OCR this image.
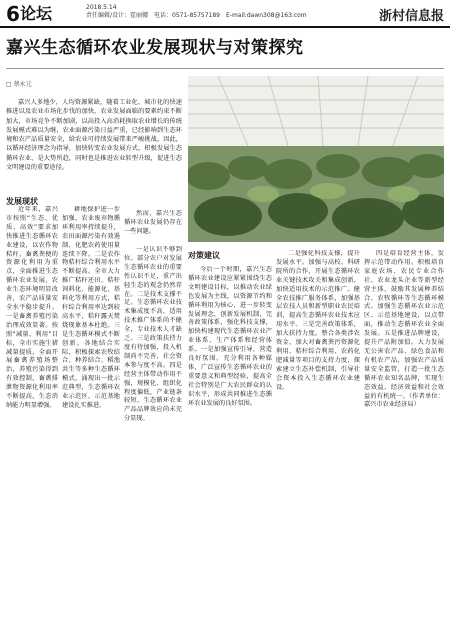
6 论坛	2018.5.14
责任编辑/设计：霍丽娜　电话：0571-85757189　E-mail:dawn308@163.com	浙村信息报
嘉兴生态循环农业发展现状与对策探究
□ 蔡永元
嘉兴人多地少，人均资源紧缺，随着工业化、城市化的快速推进以及农业市场化步伐的加快，农业发展面临的要素约束不断加大，市场竞争不断加剧，以高投入高消耗换取农业增长的传统发展模式难以为继，农业面源污染日益严重，已经影响到生态环境和农产品质量安全，给农业可持续发展带来严峻挑战。因此，以循环经济理念为指导，加快转变农业发展方式，积极发展生态循环农业，是大势所趋，同时也是推进农业转型升级，促进生态文明建设的重要途径。
发展现状
近年来，嘉兴市按照“生态、优质、高效”要求加快推进生态循环农业建设，以农作物秸秆、畜禽粪便的资源化利用为重点，全面推进生态循环农业发展，农业生态环境明显改善，农产品质量安全水平稳步提升。一是畜禽养殖污染治理成效显著。按照“减量、利用”目标，全市实施生猪减量提质，全面开展畜禽养殖场整治，养殖污染得到有效控制，畜禽排泄物资源化利用率不断提高，生态消纳能力明显增强。
耕地保护进一步加强，农业废弃物循环利用率持续提升，农田面源污染有效遏制，化肥农药使用量连续下降。二是农作物秸秆综合利用水平不断提高。全市大力推广秸秆还田、秸秆饲料化、能源化、基料化等利用方式，秸秆综合利用率达到较高水平，秸秆露天焚烧现象基本杜绝。三是生态循环模式不断创新。各地结合实际，积极探索农牧结合、种养结合、稻渔共生等多种生态循环模式，涌现出一批示范典型，生态循环农业示范区、示范基地建设扎实推进。
然而，嘉兴生态循环农业发展仍存在一些问题。
一是认识不够到位。部分农户对发展生态循环农业的重要性认识不足，重产出轻生态的观念仍然存在。二是技术支撑不足。生态循环农业技术集成度不高，适用技术推广体系尚不健全，专业技术人才缺乏。三是政策扶持力度有待加强，投入机制尚不完善，社会资本参与度不高。四是经营主体带动作用不强，规模化、组织化程度偏低，产业链条较短，生态循环农业产品品牌效应尚未充分显现。
对策建议
今后一个时期，嘉兴生态循环农业建设应紧紧围绕生态文明建设目标，以推动农业绿色发展为主线，以资源节约和循环利用为核心，进一步转变发展理念，创新发展机制，完善政策体系，强化科技支撑，加快构建现代生态循环农业产业体系、生产体系和经营体系。一是加强宣传引导，营造良好氛围。充分利用各种媒体，广泛宣传生态循环农业的重要意义和典型经验，提高全社会特别是广大农民群众的认识水平，形成共同推进生态循环农业发展的良好氛围。
二是强化科技支撑，提升发展水平。加强与高校、科研院所的合作，开展生态循环农业关键技术攻关和集成创新，加快适用技术的示范推广。健全农技推广服务体系，加强基层农技人员和新型职业农民培训，提高生态循环农业技术应用水平。三是完善政策体系，加大扶持力度。整合各类涉农资金，加大对畜禽粪污资源化利用、秸秆综合利用、农药化肥减量等项目的支持力度，探索建立生态补偿机制，引导社会资本投入生态循环农业建设。
四是培育经营主体，发挥示范带动作用。积极培育家庭农场、农民专业合作社、农业龙头企业等新型经营主体，鼓励其发展种养结合、农牧循环等生态循环模式。加强生态循环农业示范区、示范基地建设，以点带面，推动生态循环农业全面发展。五是推进品牌建设，提升产品附加值。大力发展无公害农产品、绿色食品和有机农产品，加强农产品质量安全监管，打造一批生态循环农业知名品牌，实现生态效益、经济效益和社会效益的有机统一。（作者单位：嘉兴市农业经济局）
